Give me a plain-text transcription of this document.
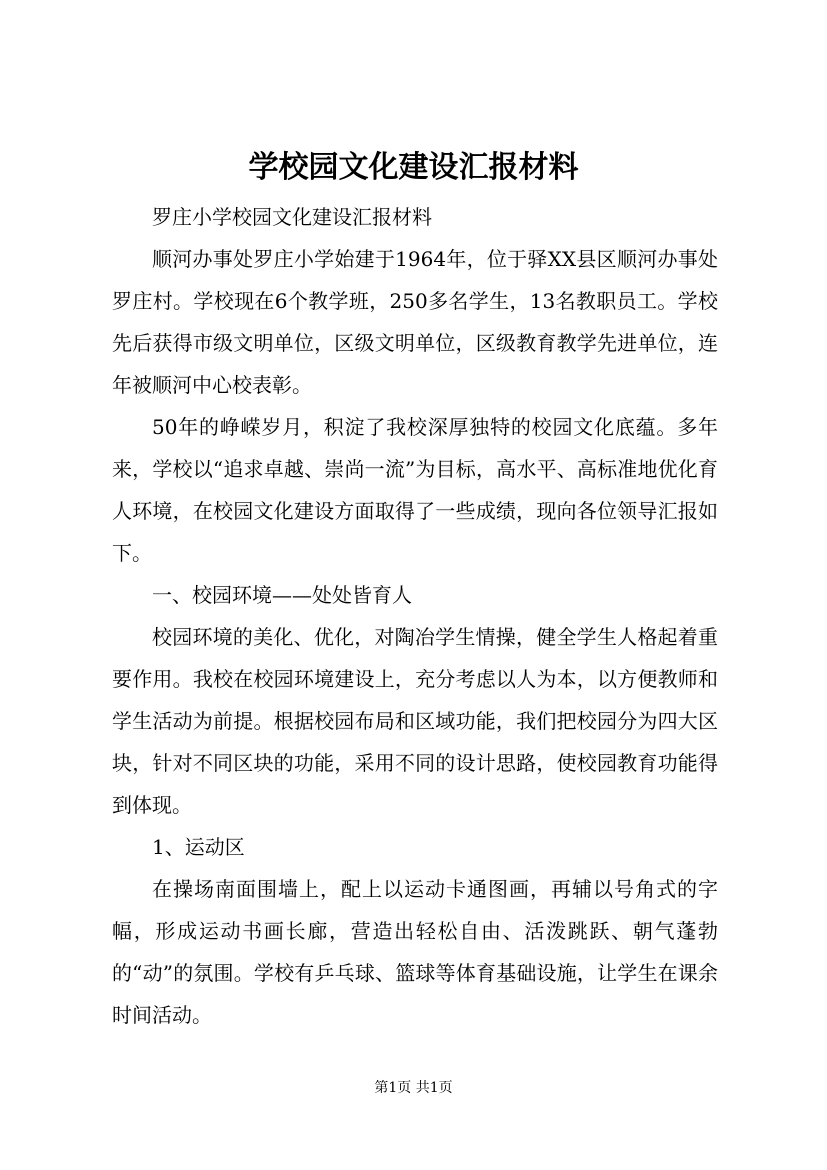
学校园文化建设汇报材料

罗庄小学校园文化建设汇报材料

顺河办事处罗庄小学始建于1964年，位于驿XX县区顺河办事处罗庄村。学校现在6个教学班，250多名学生，13名教职员工。学校先后获得市级文明单位，区级文明单位，区级教育教学先进单位，连年被顺河中心校表彰。

50年的峥嵘岁月，积淀了我校深厚独特的校园文化底蕴。多年来，学校以“追求卓越、崇尚一流”为目标，高水平、高标准地优化育人环境，在校园文化建设方面取得了一些成绩，现向各位领导汇报如下。

一、校园环境——处处皆育人

校园环境的美化、优化，对陶冶学生情操，健全学生人格起着重要作用。我校在校园环境建设上，充分考虑以人为本，以方便教师和学生活动为前提。根据校园布局和区域功能，我们把校园分为四大区块，针对不同区块的功能，采用不同的设计思路，使校园教育功能得到体现。

1、运动区

在操场南面围墙上，配上以运动卡通图画，再辅以号角式的字幅，形成运动书画长廊，营造出轻松自由、活泼跳跃、朝气蓬勃的“动”的氛围。学校有乒乓球、篮球等体育基础设施，让学生在课余时间活动。

第1页 共1页
